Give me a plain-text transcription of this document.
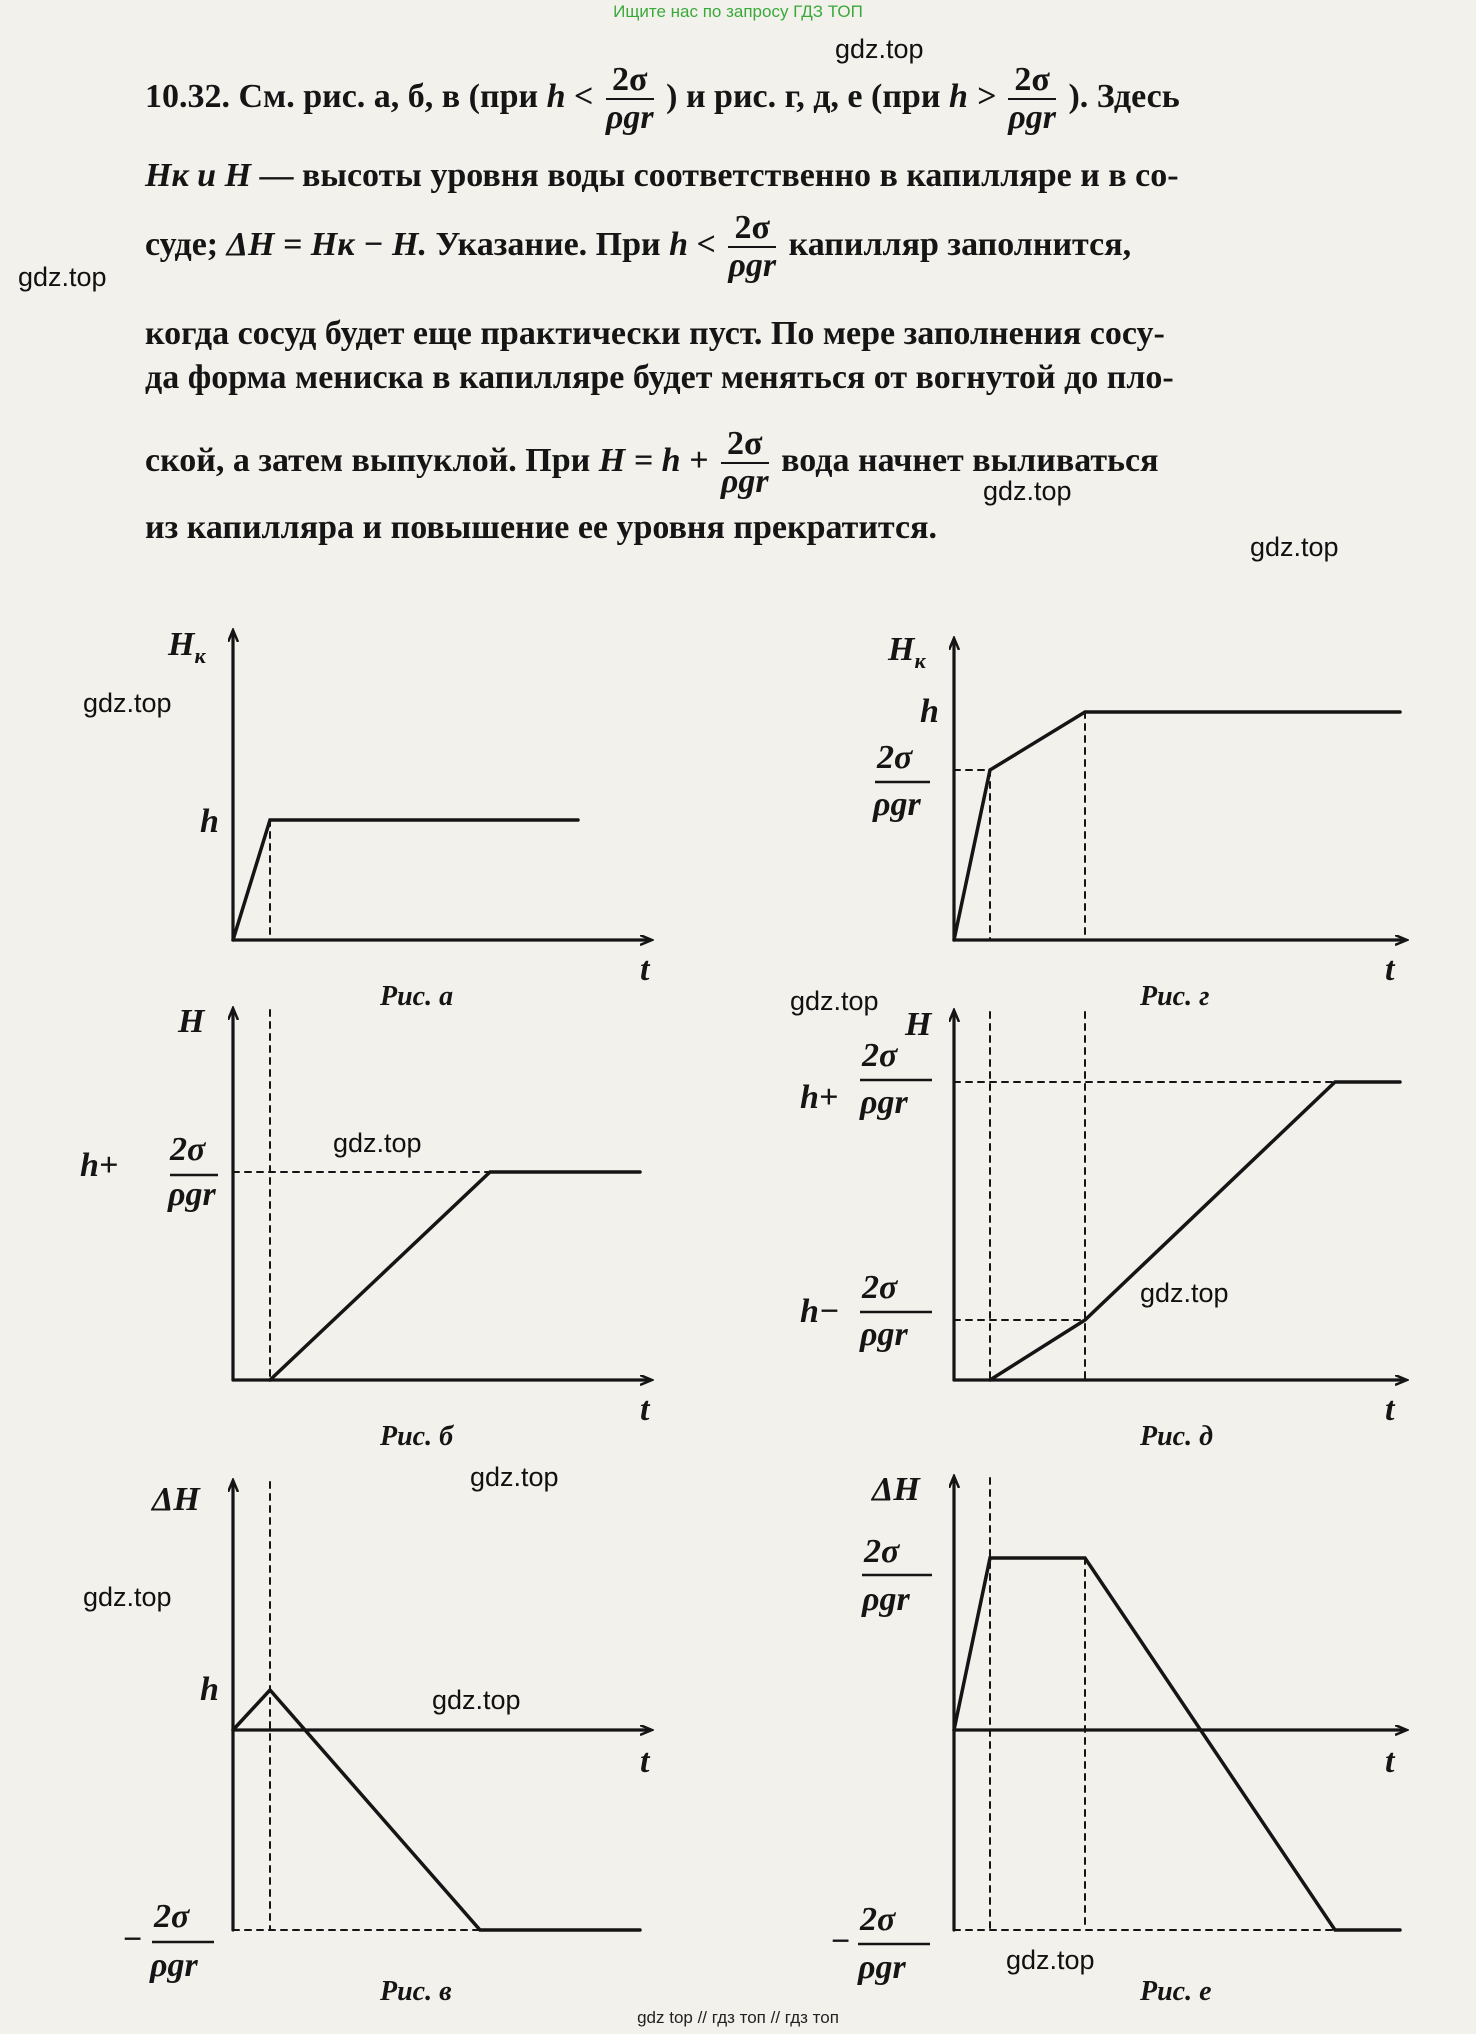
Ищите нас по запросу ГДЗ ТОП
10.32. См. рис. а, б, в (при $h < \frac{2\sigma}{\text{ρgr}}$ ) и рис. г, д, е (при $h > \frac{2\sigma}{\text{ρgr}}$ ). Здесь
Hк и H — высоты уровня воды соответственно в капилляре и в со-
суде; ΔH = Hк − H. Указание. При $h < \frac{2\sigma}{\text{ρgr}}$ капилляр заполнится,
когда сосуд будет еще практически пуст. По мере заполнения сосу-
да форма мениска в капилляре будет меняться от вогнутой до пло-
ской, а затем выпуклой. При $H = h + \frac{2\sigma}{\text{ρgr}}$ вода начнет выливаться
из капилляра и повышение ее уровня прекратится.
$H_к$
h
t
Рис. а
H
h+ 2σ
ρgr
t
Рис. б
ΔH
h
t
−
2σ
ρgr
Рис. в
$H_к$
h
2σ
ρgr
t
Рис. г
H
h+
2σ
ρgr
h−
2σ
ρgr
t
Рис. д
ΔH
2σ
ρgr
t
−
2σ
ρgr
Рис. е
gdz.top
gdz.top
gdz.top
gdz.top
gdz.top
gdz.top
gdz.top
gdz.top
gdz.top
gdz.top
gdz.top
gdz.top
gdz top // гдз топ // гдз топ
